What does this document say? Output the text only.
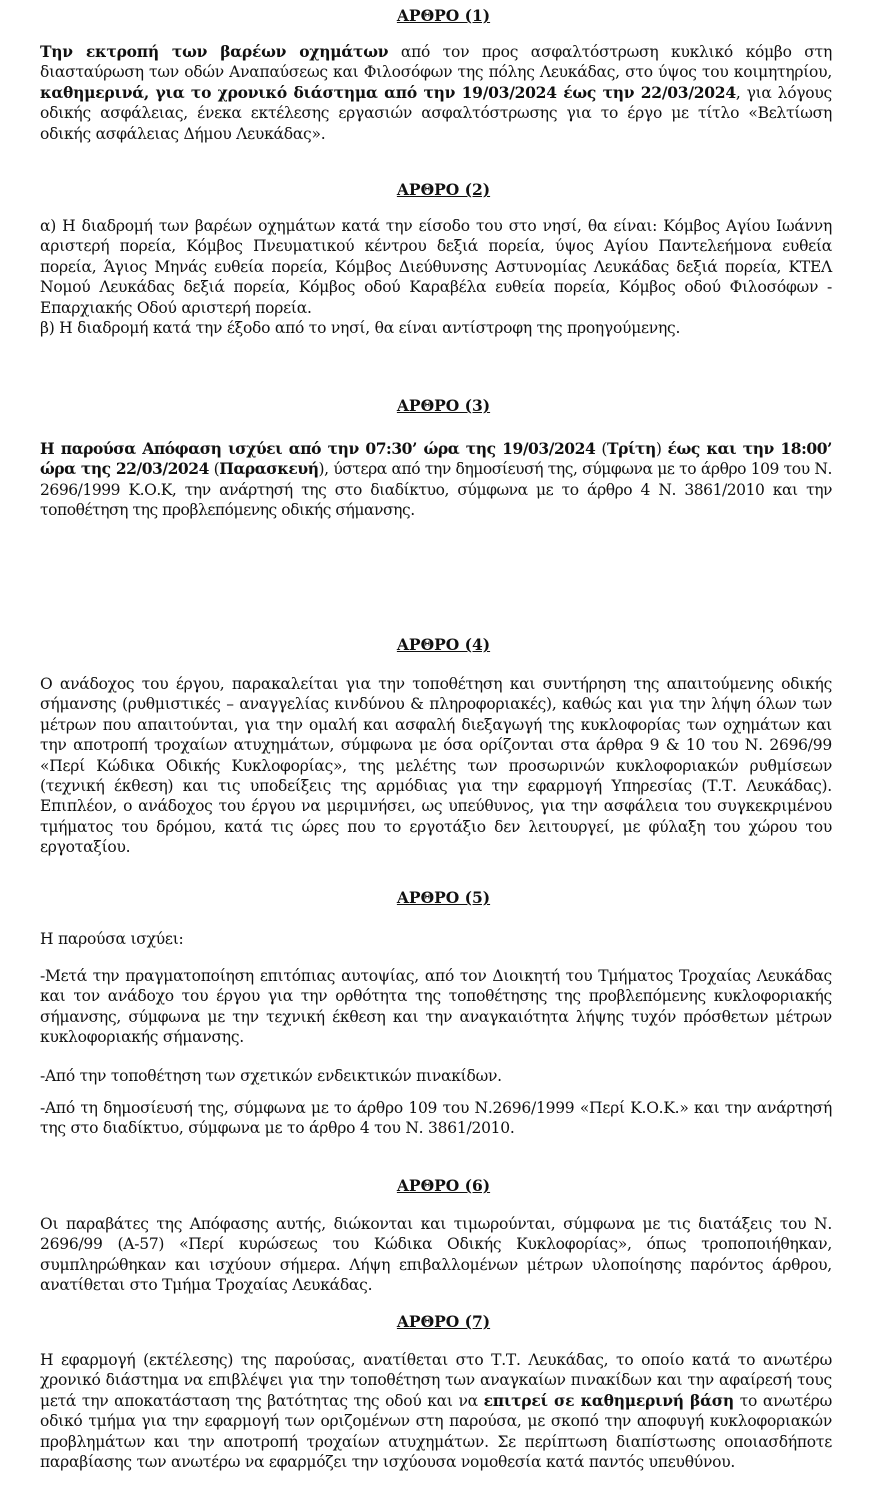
ΑΡΘΡΟ (1)

Την εκτροπή των βαρέων οχημάτων από τον προς ασφαλτόστρωση κυκλικό κόμβο στη διασταύρωση των οδών Αναπαύσεως και Φιλοσόφων της πόλης Λευκάδας, στο ύψος του κοιμητηρίου, καθημερινά, για το χρονικό διάστημα από την 19/03/2024 έως την 22/03/2024, για λόγους οδικής ασφάλειας, ένεκα εκτέλεσης εργασιών ασφαλτόστρωσης για το έργο με τίτλο «Βελτίωση οδικής ασφάλειας Δήμου Λευκάδας».

ΑΡΘΡΟ (2)

α) Η διαδρομή των βαρέων οχημάτων κατά την είσοδο του στο νησί, θα είναι: Κόμβος Αγίου Ιωάννη αριστερή πορεία, Κόμβος Πνευματικού κέντρου δεξιά πορεία, ύψος Αγίου Παντελεήμονα ευθεία πορεία, Άγιος Μηνάς ευθεία πορεία, Κόμβος Διεύθυνσης Αστυνομίας Λευκάδας δεξιά πορεία, ΚΤΕΛ Νομού Λευκάδας δεξιά πορεία, Κόμβος οδού Καραβέλα ευθεία πορεία, Κόμβος οδού Φιλοσόφων - Επαρχιακής Οδού αριστερή πορεία.

β) Η διαδρομή κατά την έξοδο από το νησί, θα είναι αντίστροφη της προηγούμενης.

ΑΡΘΡΟ (3)

Η παρούσα Απόφαση ισχύει από την 07:30’ ώρα της 19/03/2024 (Τρίτη) έως και την 18:00’ ώρα της 22/03/2024 (Παρασκευή), ύστερα από την δημοσίευσή της, σύμφωνα με το άρθρο 109 του Ν. 2696/1999 Κ.Ο.Κ, την ανάρτησή της στο διαδίκτυο, σύμφωνα με το άρθρο 4 Ν. 3861/2010 και την τοποθέτηση της προβλεπόμενης οδικής σήμανσης.

ΑΡΘΡΟ (4)

Ο ανάδοχος του έργου, παρακαλείται για την τοποθέτηση και συντήρηση της απαιτούμενης οδικής σήμανσης (ρυθμιστικές – αναγγελίας κινδύνου & πληροφοριακές), καθώς και για την λήψη όλων των μέτρων που απαιτούνται, για την ομαλή και ασφαλή διεξαγωγή της κυκλοφορίας των οχημάτων και την αποτροπή τροχαίων ατυχημάτων, σύμφωνα με όσα ορίζονται στα άρθρα 9 & 10 του Ν. 2696/99 «Περί Κώδικα Οδικής Κυκλοφορίας», της μελέτης των προσωρινών κυκλοφοριακών ρυθμίσεων (τεχνική έκθεση) και τις υποδείξεις της αρμόδιας για την εφαρμογή Υπηρεσίας (Τ.Τ. Λευκάδας). Επιπλέον, ο ανάδοχος του έργου να μεριμνήσει, ως υπεύθυνος, για την ασφάλεια του συγκεκριμένου τμήματος του δρόμου, κατά τις ώρες που το εργοτάξιο δεν λειτουργεί, με φύλαξη του χώρου του εργοταξίου.

ΑΡΘΡΟ (5)

Η παρούσα ισχύει:

-Μετά την πραγματοποίηση επιτόπιας αυτοψίας, από τον Διοικητή του Τμήματος Τροχαίας Λευκάδας και τον ανάδοχο του έργου για την ορθότητα της τοποθέτησης της προβλεπόμενης κυκλοφοριακής σήμανσης, σύμφωνα με την τεχνική έκθεση και την αναγκαιότητα λήψης τυχόν πρόσθετων μέτρων κυκλοφοριακής σήμανσης.

-Από την τοποθέτηση των σχετικών ενδεικτικών πινακίδων.

-Από τη δημοσίευσή της, σύμφωνα με το άρθρο 109 του Ν.2696/1999 «Περί Κ.Ο.Κ.» και την ανάρτησή της στο διαδίκτυο, σύμφωνα με το άρθρο 4 του Ν. 3861/2010.

ΑΡΘΡΟ (6)

Οι παραβάτες της Απόφασης αυτής, διώκονται και τιμωρούνται, σύμφωνα με τις διατάξεις του Ν. 2696/99 (Α-57) «Περί κυρώσεως του Κώδικα Οδικής Κυκλοφορίας», όπως τροποποιήθηκαν, συμπληρώθηκαν και ισχύουν σήμερα. Λήψη επιβαλλομένων μέτρων υλοποίησης παρόντος άρθρου, ανατίθεται στο Τμήμα Τροχαίας Λευκάδας.

ΑΡΘΡΟ (7)

Η εφαρμογή (εκτέλεσης) της παρούσας, ανατίθεται στο Τ.Τ. Λευκάδας, το οποίο κατά το ανωτέρω χρονικό διάστημα να επιβλέψει για την τοποθέτηση των αναγκαίων πινακίδων και την αφαίρεσή τους μετά την αποκατάσταση της βατότητας της οδού και να επιτρεί σε καθημερινή βάση το ανωτέρω οδικό τμήμα για την εφαρμογή των οριζομένων στη παρούσα, με σκοπό την αποφυγή κυκλοφοριακών προβλημάτων και την αποτροπή τροχαίων ατυχημάτων. Σε περίπτωση διαπίστωσης οποιασδήποτε παραβίασης των ανωτέρω να εφαρμόζει την ισχύουσα νομοθεσία κατά παντός υπευθύνου.
